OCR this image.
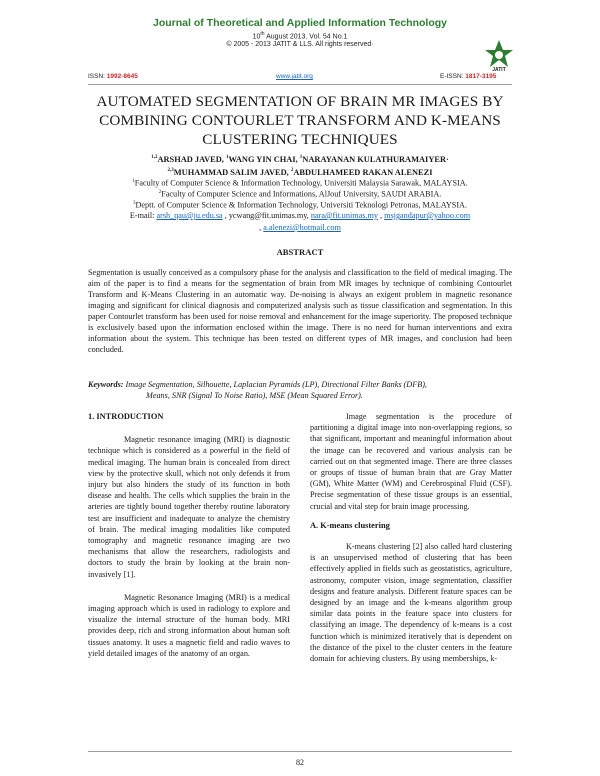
Journal of Theoretical and Applied Information Technology
10th August 2013. Vol. 54 No.1
© 2005 - 2013 JATIT & LLS. All rights reserved·
JATIT
ISSN: 1992-8645	www.jatit.org	E-ISSN: 1817-3195
AUTOMATED SEGMENTATION OF BRAIN MR IMAGES BY COMBINING CONTOURLET TRANSFORM AND K-MEANS CLUSTERING TECHNIQUES
$^{1,2}$ARSHAD JAVED, $^1$WANG YIN CHAI, $^1$NARAYANAN KULATHURAMAIYER·
$^{2,3}$MUHAMMAD SALIM JAVED, $^2$ABDULHAMEED RAKAN ALENEZI
$^1$Faculty of Computer Science & Information Technology, Universiti Malaysia Sarawak, MALAYSIA.
$^2$Faculty of Computer Science and Informations, AlJouf University, SAUDI ARABIA.
$^3$Deptt. of Computer Science & Information Technology, Universiti Teknologi Petronas, MALAYSIA.
E-mail: arsh_qau@ju.edu.sa , ycwang@fit.unimas.my, nara@fit.unimas.my , msjgandapur@yahoo.com
, a.alenezi@hotmail.com
ABSTRACT
Segmentation is usually conceived as a compulsory phase for the analysis and classification to the field of medical imaging. The aim of the paper is to find a means for the segmentation of brain from MR images by technique of combining Contourlet Transform and K-Means Clustering in an automatic way. De-noising is always an exigent problem in magnetic resonance imaging and significant for clinical diagnosis and computerized analysis such as tissue classification and segmentation. In this paper Contourlet transform has been used for noise removal and enhancement for the image superiority. The proposed technique is exclusively based upon the information enclosed within the image. There is no need for human interventions and extra information about the system. This technique has been tested on different types of MR images, and conclusion had been concluded.
Keywords: Image Segmentation, Silhouette, Laplacian Pyramids (LP), Directional Filter Banks (DFB),
Means, SNR (Signal To Noise Ratio), MSE (Mean Squared Error).
1. INTRODUCTION

Magnetic resonance imaging (MRI) is diagnostic technique which is considered as a powerful in the field of medical imaging. The human brain is concealed from direct view by the protective skull, which not only defends it from injury but also hinders the study of its function in both disease and health. The cells which supplies the brain in the arteries are tightly bound together thereby routine laboratory test are insufficient and inadequate to analyze the chemistry of brain. The medical imaging modalities like computed tomography and magnetic resonance imaging are two mechanisms that allow the researchers, radiologists and doctors to study the brain by looking at the brain non-invasively [1].

Magnetic Resonance Imaging (MRI) is a medical imaging approach which is used in radiology to explore and visualize the internal structure of the human body. MRI provides deep, rich and strong information about human soft tissues anatomy. It uses a magnetic field and radio waves to yield detailed images of the anatomy of an organ.

Image segmentation is the procedure of partitioning a digital image into non-overlapping regions, so that significant, important and meaningful information about the image can be recovered and various analysis can be carried out on that segmented image. There are three classes or groups of tissue of human brain that are Gray Matter (GM), White Matter (WM) and Cerebrospinal Fluid (CSF). Precise segmentation of these tissue groups is an essential, crucial and vital step for brain image processing.

A. K-means clustering

K-means clustering [2] also called hard clustering is an unsupervised method of clustering that has been effectively applied in fields such as geostatistics, agriculture, astronomy, computer vision, image segmentation, classifier designs and feature analysis. Different feature spaces can be designed by an image and the k-means algorithm group similar data points in the feature space into clusters for classifying an image. The dependency of k-means is a cost function which is minimized iteratively that is dependent on the distance of the pixel to the cluster centers in the feature domain for achieving clusters. By using memberships, k-

82
